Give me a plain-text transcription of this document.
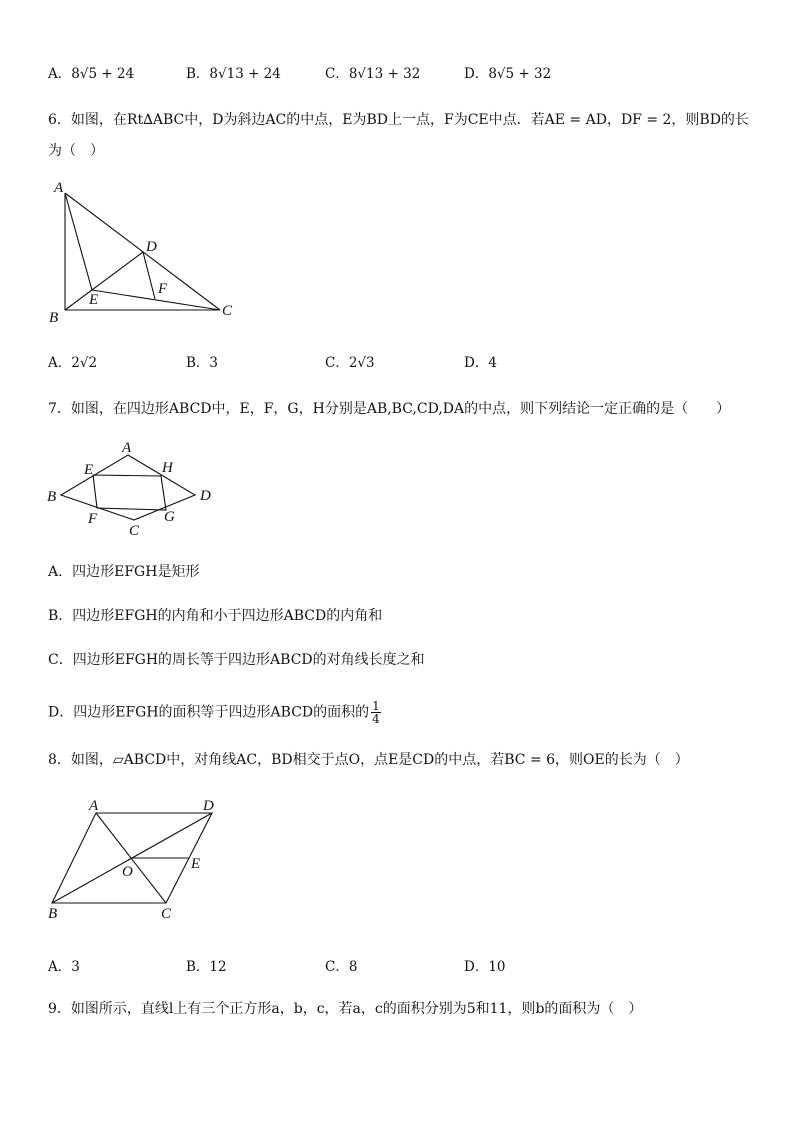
A．8√5 + 24	B．8√13 + 24	C．8√13 + 32	D．8√5 + 32
6．如图，在Rt∆ABC中，D为斜边AC的中点，E为BD上一点，F为CE中点．若AE = AD，DF = 2，则BD的长
为（　）
A
B	C
D
E
F
A．2√2	B．3	C．2√3	D．4
7．如图，在四边形ABCD中，E，F，G，H分别是AB,BC,CD,DA的中点，则下列结论一定正确的是（　　）
A
B
C
D
E
F	G
H
A．四边形EFGH是矩形
B．四边形EFGH的内角和小于四边形ABCD的内角和
C．四边形EFGH的周长等于四边形ABCD的对角线长度之和
D．四边形EFGH的面积等于四边形ABCD的面积的 $\frac{1}{4}$
8．如图，▱ABCD中，对角线AC，BD相交于点O，点E是CD的中点，若BC = 6，则OE的长为（　）
A
B	C
D
E
O
A．3	B．12	C．8	D．10
9．如图所示，直线l上有三个正方形a，b，c，若a，c的面积分别为5和11，则b的面积为（　）
